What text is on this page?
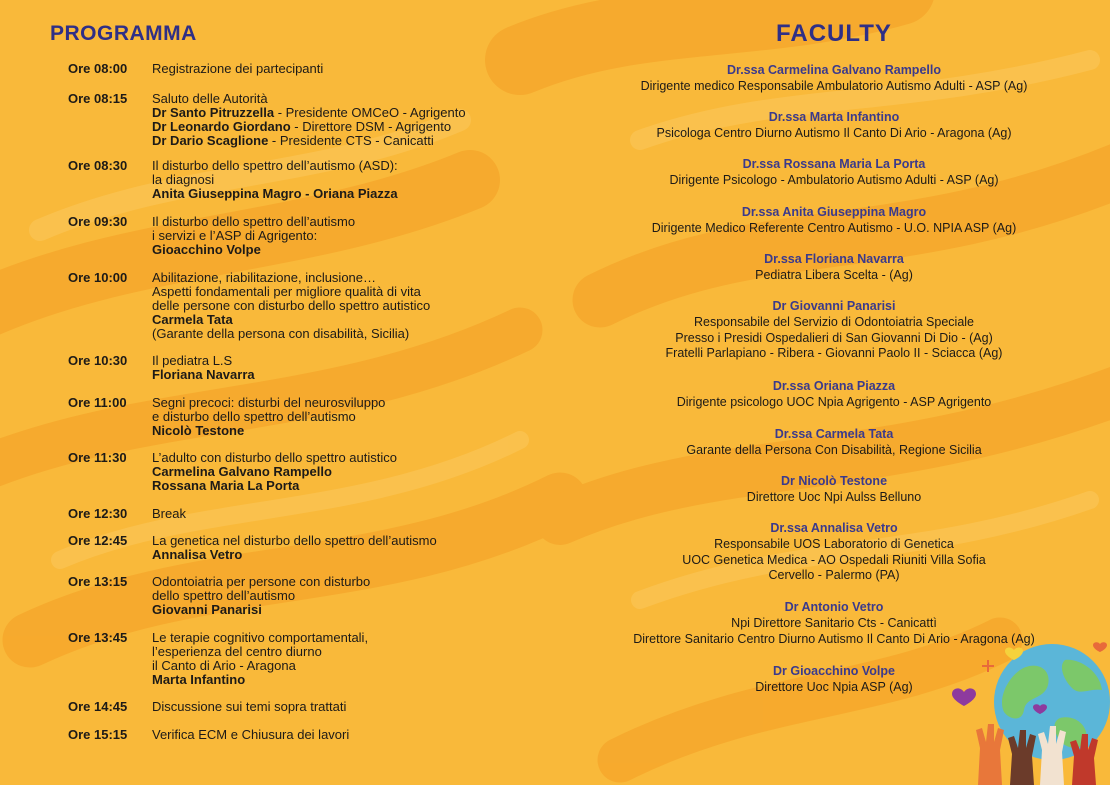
PROGRAMMA
Ore 08:00	Registrazione dei partecipanti
Ore 08:15	Saluto delle Autorità
Dr Santo Pitruzzella - Presidente OMCeO - Agrigento
Dr Leonardo Giordano - Direttore DSM - Agrigento
Dr Dario Scaglione - Presidente CTS - Canicatti
Ore 08:30	Il disturbo dello spettro dell’autismo (ASD):
la diagnosi
Anita Giuseppina Magro - Oriana Piazza
Ore 09:30	Il disturbo dello spettro dell’autismo
i servizi e l’ASP di Agrigento:
Gioacchino Volpe
Ore 10:00	Abilitazione, riabilitazione, inclusione…
Aspetti fondamentali per migliore qualità di vita
delle persone con disturbo dello spettro autistico
Carmela Tata
(Garante della persona con disabilità, Sicilia)
Ore 10:30	Il pediatra L.S
Floriana Navarra
Ore 11:00	Segni precoci: disturbi del neurosviluppo
e disturbo dello spettro dell’autismo
Nicolò Testone
Ore 11:30	L’adulto con disturbo dello spettro autistico
Carmelina Galvano Rampello
Rossana Maria La Porta
Ore 12:30	Break
Ore 12:45	La genetica nel disturbo dello spettro dell’autismo
Annalisa Vetro
Ore 13:15	Odontoiatria per persone con disturbo
dello spettro dell’autismo
Giovanni Panarisi
Ore 13:45	Le terapie cognitivo comportamentali,
l’esperienza del centro diurno
il Canto di Ario - Aragona
Marta Infantino
Ore 14:45	Discussione sui temi sopra trattati
Ore 15:15	Verifica ECM e Chiusura dei lavori
FACULTY
Dr.ssa Carmelina Galvano Rampello
Dirigente medico Responsabile Ambulatorio Autismo Adulti - ASP (Ag)
Dr.ssa Marta Infantino
Psicologa Centro Diurno Autismo Il Canto Di Ario - Aragona (Ag)
Dr.ssa Rossana Maria La Porta
Dirigente Psicologo - Ambulatorio Autismo Adulti - ASP (Ag)
Dr.ssa Anita Giuseppina Magro
Dirigente Medico Referente Centro Autismo - U.O. NPIA ASP (Ag)
Dr.ssa Floriana Navarra
Pediatra Libera Scelta - (Ag)
Dr Giovanni Panarisi
Responsabile del Servizio di Odontoiatria Speciale
Presso i Presidi Ospedalieri di San Giovanni Di Dio - (Ag)
Fratelli Parlapiano - Ribera - Giovanni Paolo II - Sciacca (Ag)
Dr.ssa Oriana Piazza
Dirigente psicologo UOC Npia Agrigento - ASP Agrigento
Dr.ssa Carmela Tata
Garante della Persona Con Disabilità, Regione Sicilia
Dr Nicolò Testone
Direttore Uoc Npi Aulss Belluno
Dr.ssa Annalisa Vetro
Responsabile UOS Laboratorio di Genetica
UOC Genetica Medica - AO Ospedali Riuniti Villa Sofia
Cervello - Palermo (PA)
Dr Antonio Vetro
Npi Direttore Sanitario Cts - Canicattì
Direttore Sanitario Centro Diurno Autismo Il Canto Di Ario - Aragona (Ag)
Dr Gioacchino Volpe
Direttore Uoc Npia ASP (Ag)
